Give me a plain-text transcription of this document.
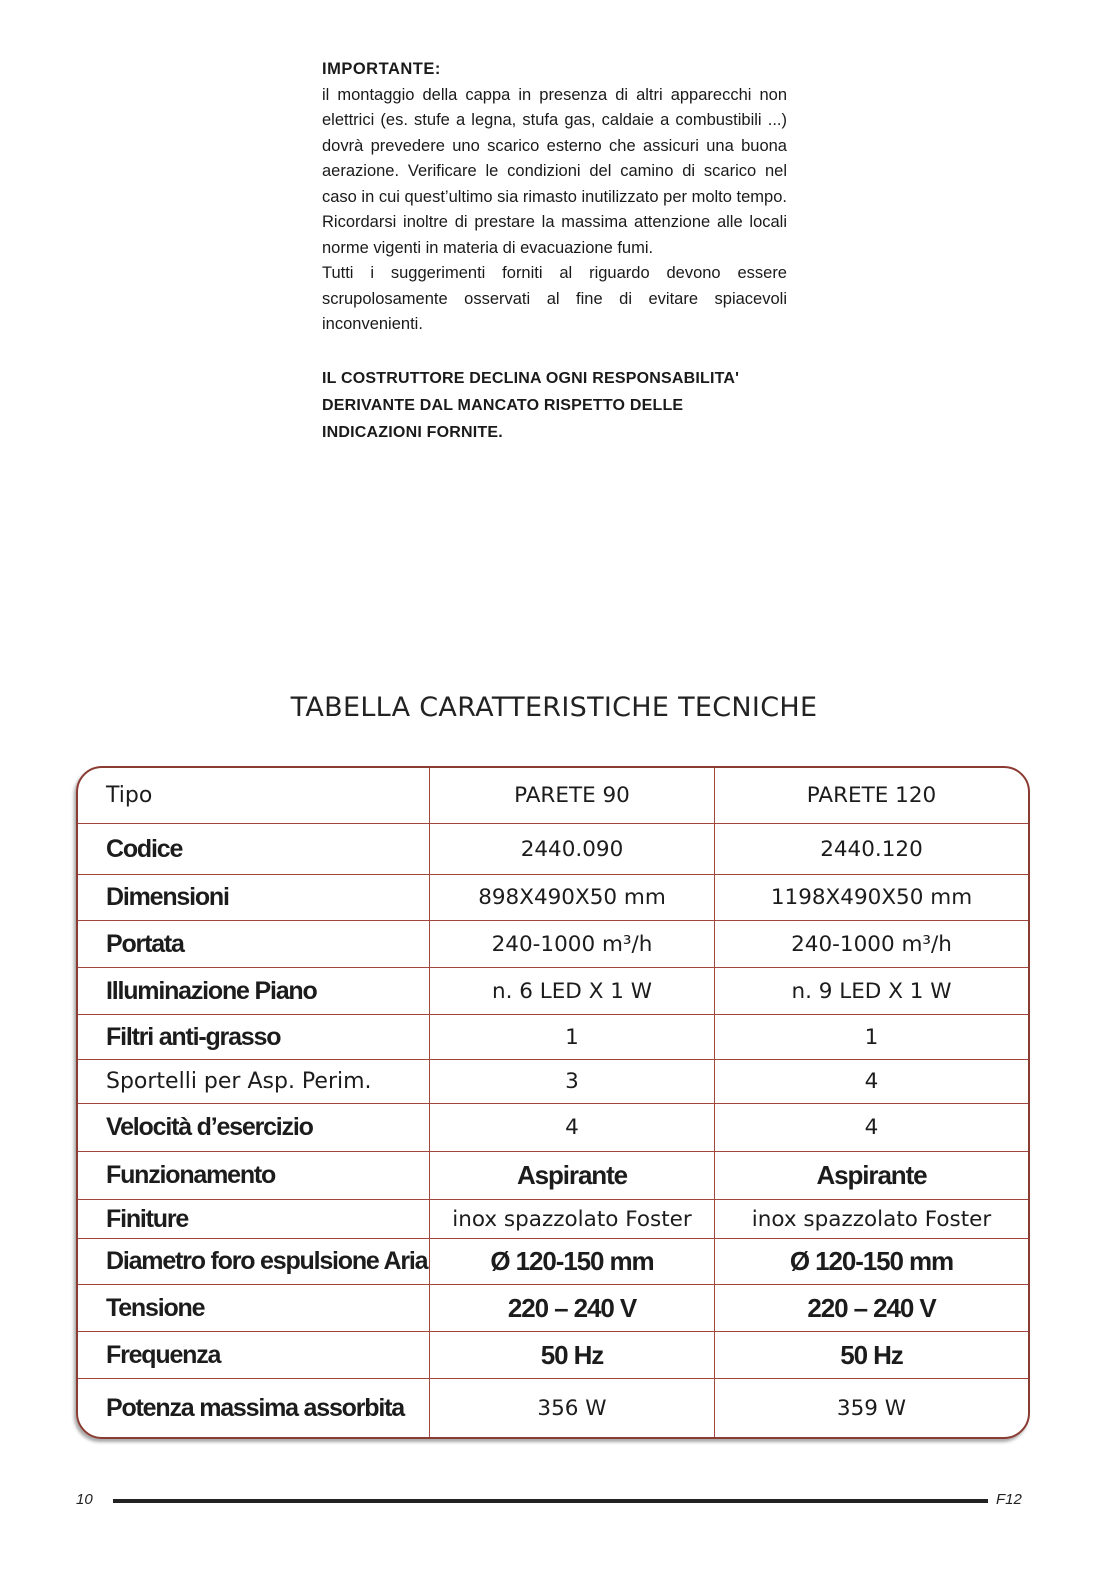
IMPORTANTE:

il montaggio della cappa in presenza di altri apparecchi non elettrici (es. stufe a legna, stufa gas, caldaie a combustibili ...) dovrà prevedere uno scarico esterno che assicuri una buona aerazione. Verificare le condizioni del camino di scarico nel caso in cui quest’ultimo sia rimasto inutilizzato per molto tempo.

Ricordarsi inoltre di prestare la massima attenzione alle locali norme vigenti in materia di evacuazione fumi.

Tutti i suggerimenti forniti al riguardo devono essere scrupolosamente osservati al fine di evitare spiacevoli inconvenienti.

IL COSTRUTTORE DECLINA OGNI RESPONSABILITA' DERIVANTE DAL MANCATO RISPETTO DELLE INDICAZIONI FORNITE.

TABELLA CARATTERISTICHE TECNICHE
Tipo	PARETE 90	PARETE 120
Codice	2440.090	2440.120
Dimensioni	898X490X50 mm	1198X490X50 mm
Portata	240-1000 m³/h	240-1000 m³/h
Illuminazione Piano	n. 6 LED X 1 W	n. 9 LED X 1 W
Filtri anti-grasso	1	1
Sportelli per Asp. Perim.	3	4
Velocità d’esercizio	4	4
Funzionamento	Aspirante	Aspirante
Finiture	inox spazzolato Foster	inox spazzolato Foster
Diametro foro espulsione Aria	Ø 120-150 mm	Ø 120-150 mm
Tensione	220 – 240 V	220 – 240 V
Frequenza	50 Hz	50 Hz
Potenza massima assorbita	356 W	359 W
10	F12
